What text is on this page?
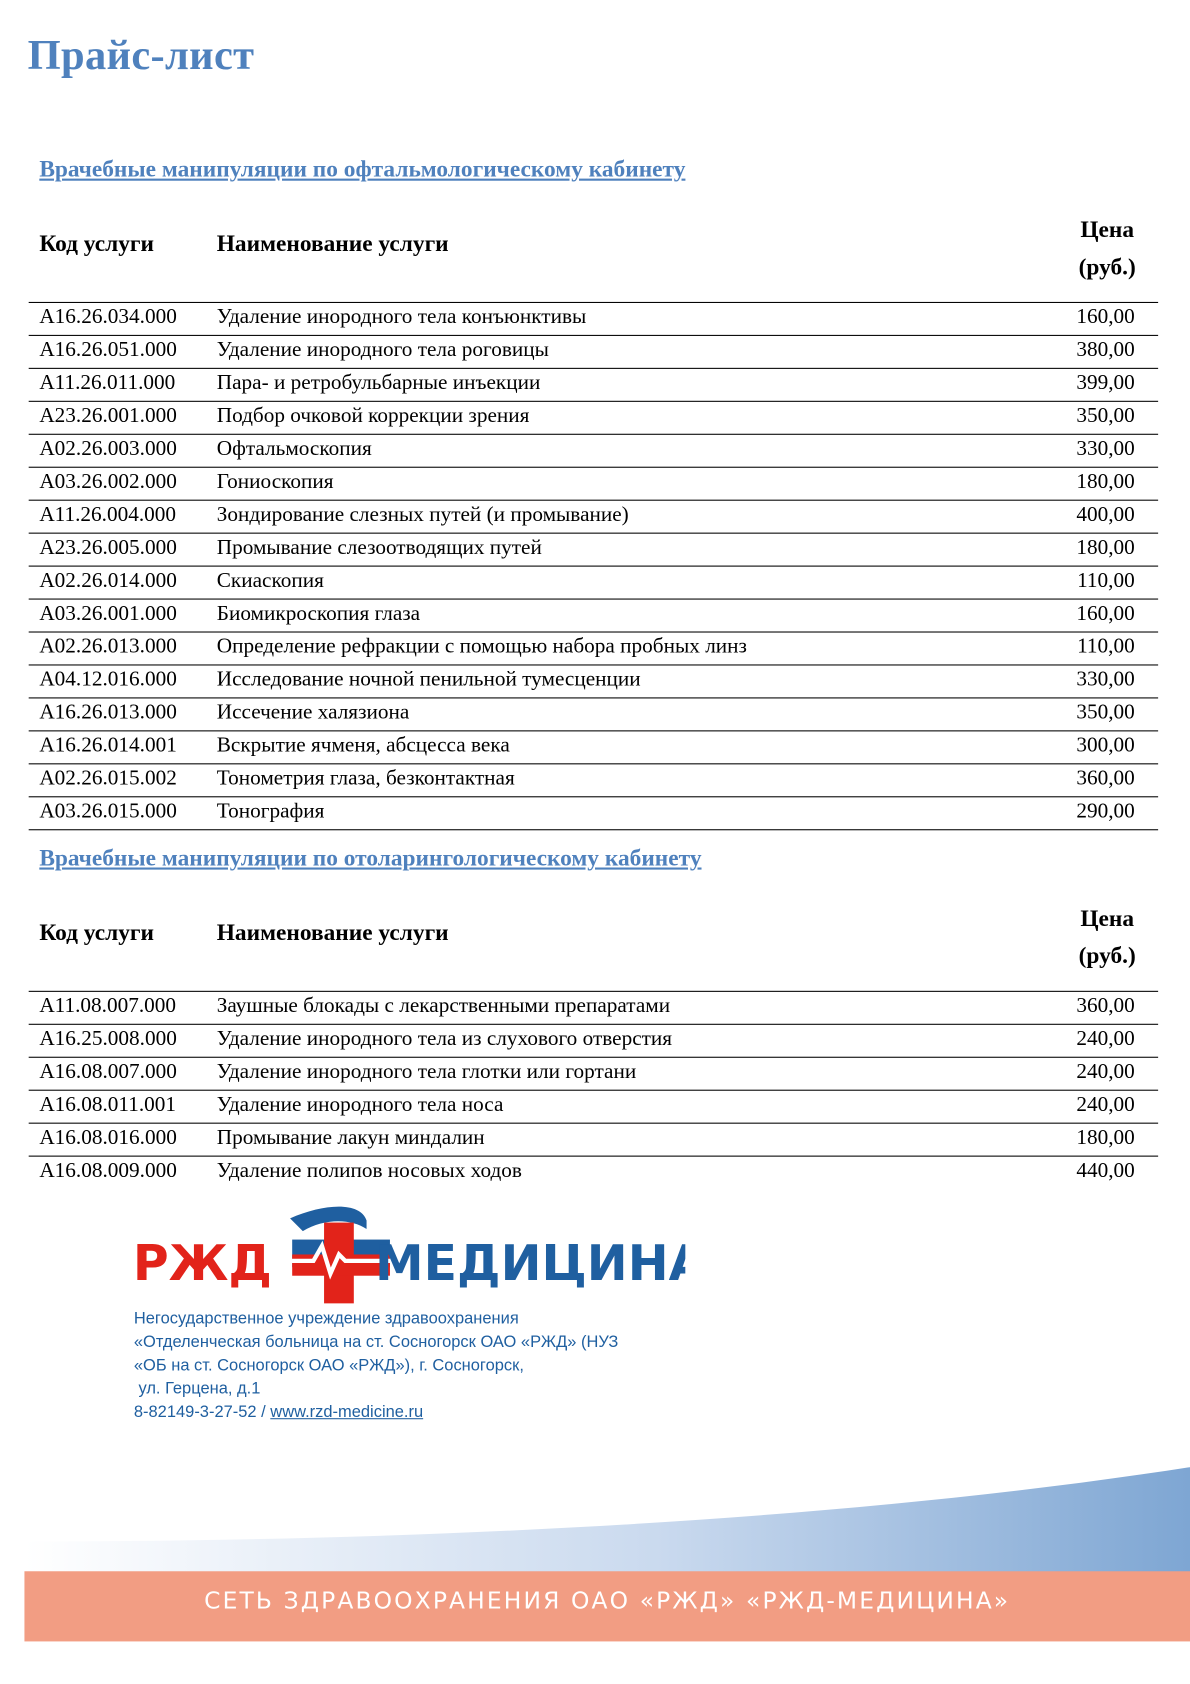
Прайс-лист
Врачебные манипуляции по офтальмологическому кабинету
Код услуги	Наименование услуги
Цена
(руб.)
A16.26.034.000 Удаление инородного тела конъюнктивы	160,00
A16.26.051.000 Удаление инородного тела роговицы	380,00
A11.26.011.000 Пара- и ретробульбарные инъекции	399,00
A23.26.001.000 Подбор очковой коррекции зрения	350,00
A02.26.003.000 Офтальмоскопия	330,00
A03.26.002.000 Гониоскопия	180,00
A11.26.004.000 Зондирование слезных путей (и промывание)	400,00
A23.26.005.000 Промывание слезоотводящих путей	180,00
A02.26.014.000 Скиаскопия	110,00
A03.26.001.000 Биомикроскопия глаза	160,00
A02.26.013.000 Определение рефракции с помощью набора пробных линз	110,00
A04.12.016.000 Исследование ночной пенильной тумесценции	330,00
A16.26.013.000 Иссечение халязиона	350,00
A16.26.014.001 Вскрытие ячменя, абсцесса века	300,00
A02.26.015.002 Тонометрия глаза, безконтактная	360,00
A03.26.015.000 Тонография	290,00
Врачебные манипуляции по отоларингологическому кабинету
Код услуги	Наименование услуги
Цена
(руб.)
A11.08.007.000 Заушные блокады с лекарственными препаратами	360,00
A16.25.008.000 Удаление инородного тела из слухового отверстия	240,00
A16.08.007.000 Удаление инородного тела глотки или гортани	240,00
A16.08.011.001 Удаление инородного тела носа	240,00
A16.08.016.000 Промывание лакун миндалин	180,00
A16.08.009.000 Удаление полипов носовых ходов	440,00
РЖД МЕДИЦИНА
Негосударственное учреждение здравоохранения
«Отделенческая больница на ст. Сосногорск ОАО «РЖД» (НУЗ
«ОБ на ст. Сосногорск ОАО «РЖД»), г. Сосногорск,
ул. Герцена, д.1
8-82149-3-27-52 / www.rzd-medicine.ru
СЕТЬ ЗДРАВООХРАНЕНИЯ ОАО «РЖД» «РЖД-МЕДИЦИНА»
